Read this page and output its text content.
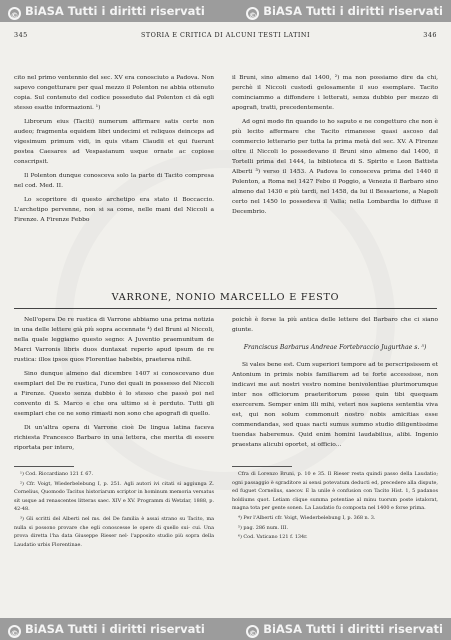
© BiASA Tutti i diritti riservati	© BiASA Tutti i diritti riservati
345	STORIA E CRITICA DI ALCUNI TESTI LATINI	346

cito nel primo ventennio del sec. XV era conosciuto a Padova. Non sapevo congetturare per qual mezzo il Polenton ne abbia ottenuto copia. Sul contenuto del codice posseduto dal Polenton ci dà egli stesso esatte informazioni. ¹)

Librorum eius (Taciti) numerum affirmare satis certe non audeo; fragmenta equidem libri undecimi et reliquos deinceps ad vigesimum primum vidi, in quis vitam Claudii et qui fuerunt postea Caesares ad Vespasianum usque ornate ac copiose conscripsit.

Il Polenton dunque conosceva solo la parte di Tacito compresa nel cod. Med. II.

Lo scopritore di questo archetipo era stato il Boccaccio. L'archetipo pervenne, non si sa come, nelle mani del Niccoli a Firenze. A Firenze Febbo

il Bruni, sino almeno dal 1400, ²) ma non possiamo dire da chi, perchè il Niccoli custodì gelosamente il suo esemplare. Tacito cominciammo a diffondere i letterati, senza dubbio per mezzo di apografi, tratti, precedentemente.

Ad ogni modo fin quando io ho saputo e ne congetturo che non è più lecito affermare che Tacito rimanesse quasi ascoso dal commercio letterario per tutta la prima metà del sec. XV. A Firenze oltre il Niccoli lo possedevano il Bruni sino almeno dal 1400, il Tortelli prima del 1444, la biblioteca di S. Spirito e Leon Battista Alberti ³) verso il 1453. A Padova lo conosceva prima del 1440 il Polenton, a Roma nel 1427 Febo il Poggio, a Venezia il Barbaro sino almeno dal 1430 e più tardi, nel 1458, da lui il Bessarione, a Napoli certo nel 1450 lo possedeva il Valla; nella Lombardia lo diffuse il Decembrio.

VARRONE, NONIO MARCELLO E FESTO

Nell'opera De re rustica di Varrone abbiamo una prima notizia in una delle lettere già più sopra accennate ⁴) del Bruni al Niccoli, nella quale leggiamo questo segno: A Juventio praemunitum de Marci Varronis libris duos duntaxat reperio apud ipsum de re rustica: illos ipsos quos Florentiae habebis, praeterea nihil.

Sino dunque almeno dal dicembre 1407 si conoscevano due esemplari del De re rustica, l'uno dei quali in possesso del Niccoli a Firenze. Questo senza dubbio è lo stesso che passò poi nel convento di S. Marco e che ora ultimo si è perduto. Tutti gli esemplari che ce ne sono rimasti non sono che apografi di quello.

Di un'altra opera di Varrone cioè De lingua latina faceva richiesta Francesco Barbaro in una lettera, che merita di essere riportata per intero,

poichè è forse la più antica delle lettere del Barbaro che ci siano giunte.

Franciscus Barbarus Andreae Fortebraccio Jugurthae s. ⁵)

Si vales bene est. Cum superiori tempore ad te perscripsissem et Antonium in primis nobis familiarem ad te forte accessisse, non indicavi me aut nostri vestro nomine benivolentiae plurimorumque inter nos officiorum praeteritorum posse quin tibi quequam exercerem. Semper enim illi mihi, veteri nos sapiens sententia viva est, qui non solum commonuit nostro nobis amicitias esse commendandas, sed quas nacti sumus summo studio diligentissime tuendas haberemus. Quid enim homini laudabilius, alibi. Ingenio praestans alicubi oportet, si officio...

¹) Cod. Riccardiano 121 f. 67.

²) Cfr. Voigt, Wiederbelebung I, p. 251. Agli autori ivi citati si aggiunga Z. Cornelius, Quomodo Tacitus historiarum scriptor in hominum memoria versatus sit usque ad renascentes litteras saec. XIV e XV. Programm di Wetzlar, 1888, p. 42-48.

³) Gli scritti del Alberti nel ms. del De familia è assai strano su Tacito, ma nulla si possono provare che egli conoscesse le opere di quello sui- cui. Una prova diretta l'ha data Giuseppe Rieser nel- l'apposito studio più sopra della Laudatio urbis Florentinae.

Cfra di Lorenzo Bruni, p. 10 e 35. Il Rieser resta quindi passo della Laudatio; ogni passaggio è sgraditore ai sensi potevatum deducti ed, precedere alla dispute, ed fuguet Cornelius, saecov. E la unile è confusion con Tacito Hist. 1, 5 padanos holdiums quot. Letiam clique summa potentiae al minu tuorum poste istalorat, magna tota per gente sonen. La Laudatio fu composta nel 1400 e forse prima.

⁴) Per l'Alberti cfr. Voigt, Wiederbelebung I, p. 368 n. 3.

⁵) pag. 286 num. III.

⁶) Cod. Vaticano 121 f. 134r.

© BiASA Tutti i diritti riservati	© BiASA Tutti i diritti riservati
